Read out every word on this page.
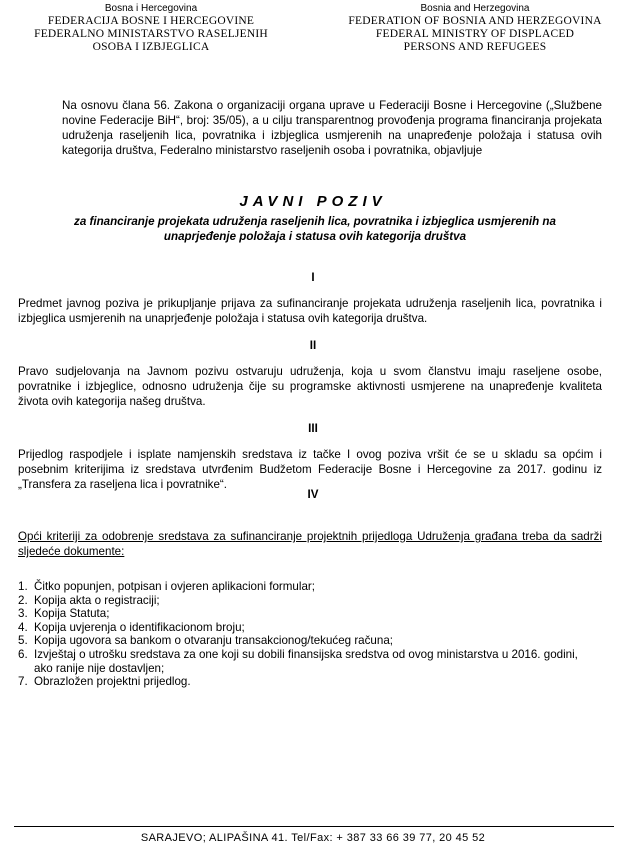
Bosna i Hercegovina
FEDERACIJA BOSNE I HERCEGOVINE
FEDERALNO MINISTARSTVO RASELJENIH
OSOBA I IZBJEGLICA
Bosnia and Herzegovina
FEDERATION OF BOSNIA AND HERZEGOVINA
FEDERAL MINISTRY OF DISPLACED
PERSONS AND REFUGEES

Na osnovu člana 56. Zakona o organizaciji organa uprave u Federaciji Bosne i Hercegovine („Službene novine Federacije BiH“, broj: 35/05), a u cilju transparentnog provođenja programa financiranja projekata udruženja raseljenih lica, povratnika i izbjeglica usmjerenih na unapređenje položaja i statusa ovih kategorija društva, Federalno ministarstvo raseljenih osoba i povratnika, objavljuje

JAVNI POZIV
za financiranje projekata udruženja raseljenih lica, povratnika i izbjeglica usmjerenih na unaprjeđenje položaja i statusa ovih kategorija društva
I

Predmet javnog poziva je prikupljanje prijava za sufinanciranje projekata udruženja raseljenih lica, povratnika i izbjeglica usmjerenih na unaprjeđenje položaja i statusa ovih kategorija društva.

II

Pravo sudjelovanja na Javnom pozivu ostvaruju udruženja, koja u svom članstvu imaju raseljene osobe, povratnike i izbjeglice, odnosno udruženja čije su programske aktivnosti usmjerene na unapređenje kvaliteta života ovih kategorija našeg društva.

III

Prijedlog raspodjele i isplate namjenskih sredstava iz tačke I ovog poziva vršit će se u skladu sa općim i posebnim kriterijima iz sredstava utvrđenim Budžetom Federacije Bosne i Hercegovine za 2017. godinu iz „Transfera za raseljena lica i povratnike“.

IV

Opći kriteriji za odobrenje sredstava za sufinanciranje projektnih prijedloga Udruženja građana treba da sadrži sljedeće dokumente:

1. Čitko popunjen, potpisan i ovjeren aplikacioni formular;
2. Kopija akta o registraciji;
3. Kopija Statuta;
4. Kopija uvjerenja o identifikacionom broju;
5. Kopija ugovora sa bankom o otvaranju transakcionog/tekućeg računa;
6. Izvještaj o utrošku sredstava za one koji su dobili finansijska sredstva od ovog ministarstva u 2016. godini, ako ranije nije dostavljen;
7. Obrazložen projektni prijedlog.
SARAJEVO; ALIPAŠINA 41. Tel/Fax: + 387 33 66 39 77, 20 45 52
